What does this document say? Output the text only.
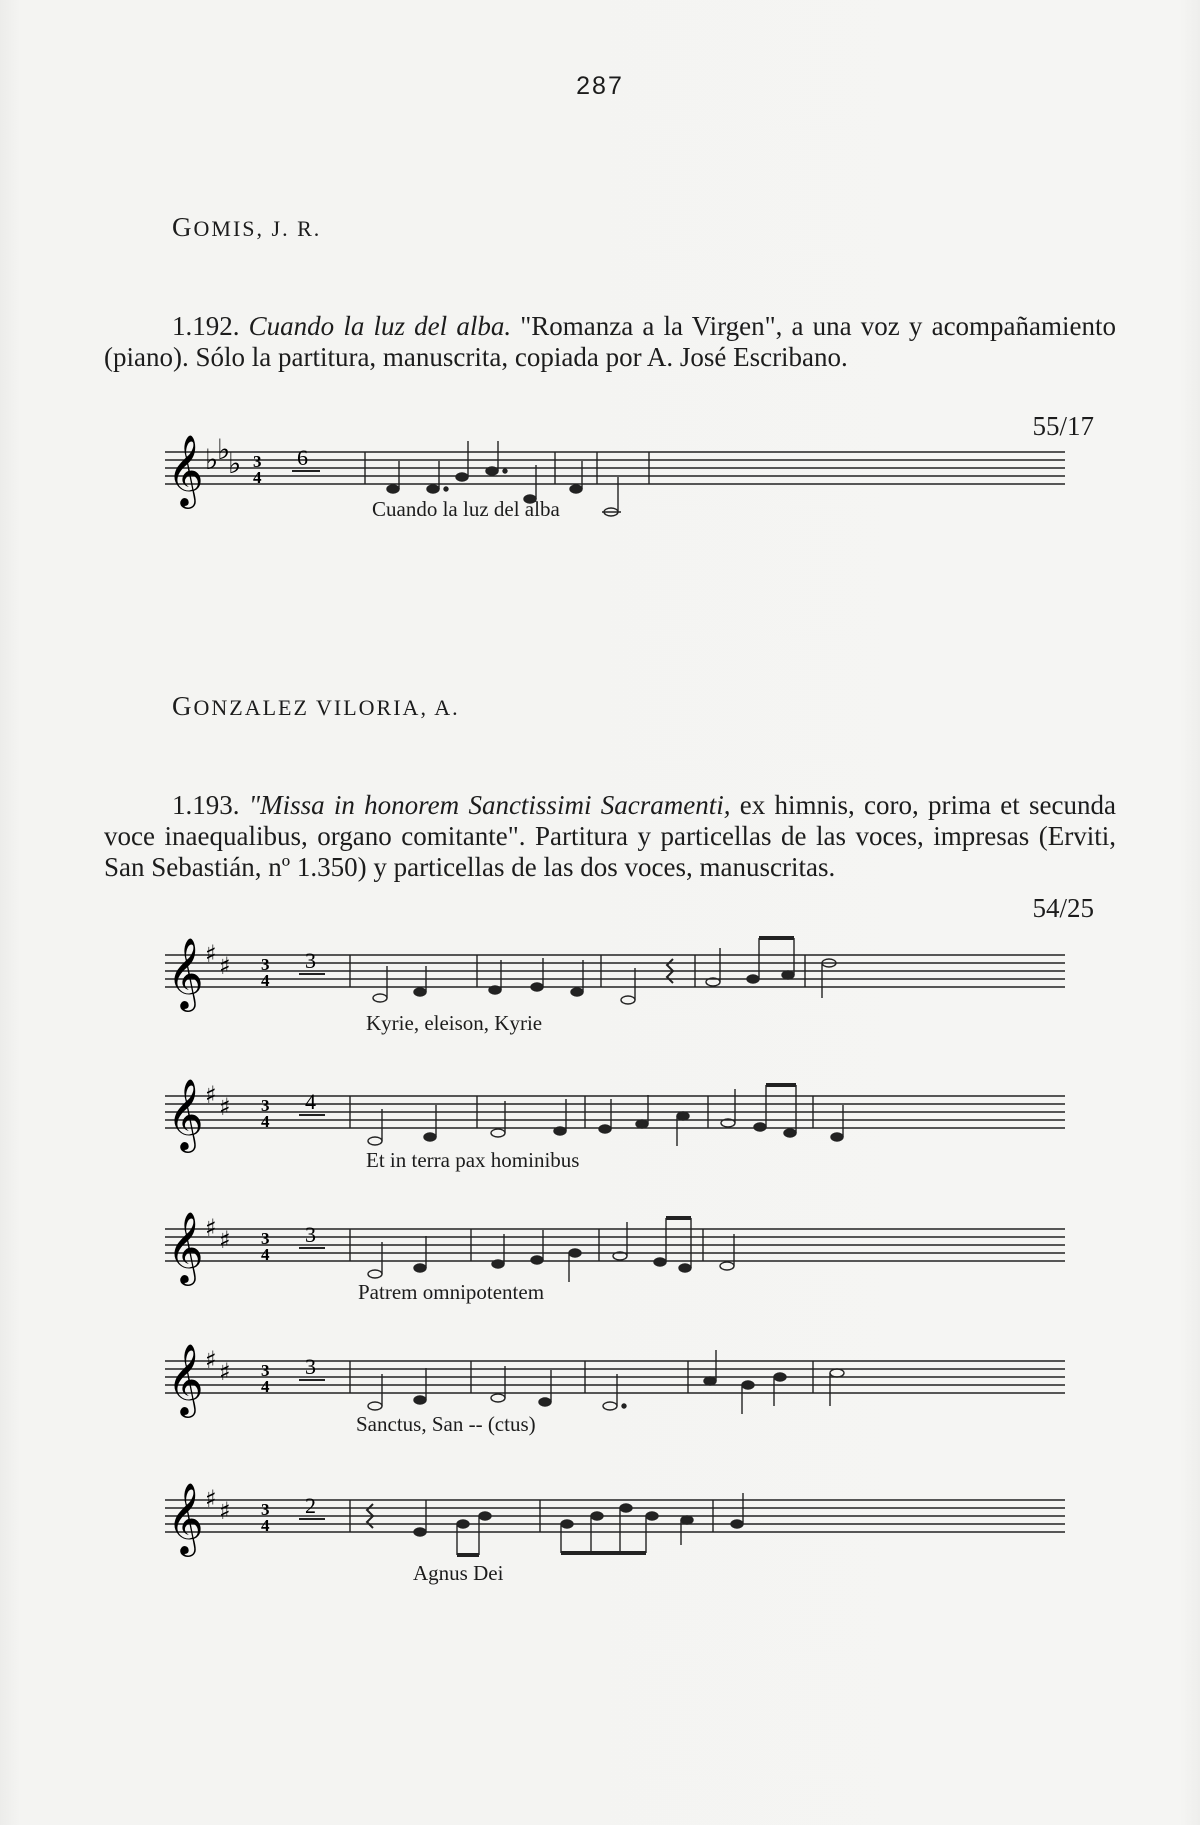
287
GOMIS, J. R.
1.192. Cuando la luz del alba. "Romanza a la Virgen", a una voz y acompañamiento (piano). Sólo la partitura, manuscrita, copiada por A. José Escribano.
55/17
𝄞 ♭
♭
♭ 3
4
6
Cuando la luz del alba
GONZALEZ VILORIA, A.
1.193. "Missa in honorem Sanctissimi Sacramenti, ex himnis, coro, prima et secunda voce inaequalibus, organo comitante". Partitura y particellas de las voces, impresas (Erviti, San Sebastián, nº 1.350) y particellas de las dos voces, manuscritas.
54/25
𝄞 ♯ ♯ 3
4
3
Kyrie, eleison, Kyrie
𝄞 ♯ ♯ 3
4
4
Et in terra pax hominibus
𝄞 ♯ ♯ 3
4
3
Patrem omnipotentem
𝄞 ♯ ♯ 3
4
3
Sanctus, San -- (ctus)
𝄞 ♯ ♯ 3
4
2
Agnus Dei
